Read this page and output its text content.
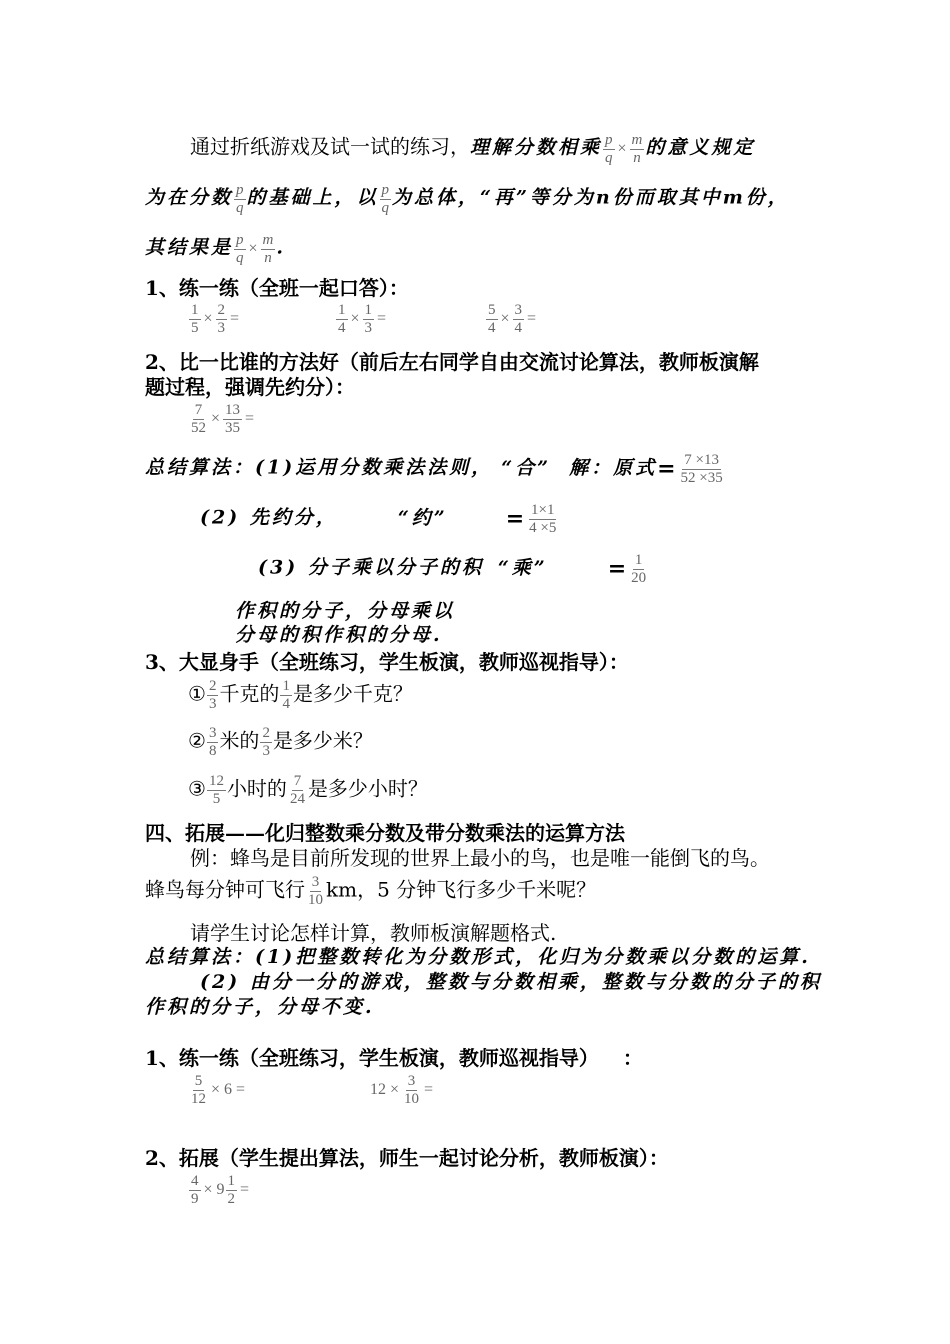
通过折纸游戏及试一试的练习，理解分数相乘 $\frac{p}{q} \times \frac{m}{n}$ 的意义规定
为在分数 $\frac{p}{q}$ 的基础上，以 $\frac{p}{q}$ 为总体，“再”等分为n份而取其中m份，
其结果是 $\frac{p}{q} \times \frac{m}{n}$ .
1、练一练（全班一起口答）：
$\frac{1}{5} \times \frac{2}{3}$ =	$\frac{1}{4} \times \frac{1}{3}$ =	$\frac{5}{4} \times \frac{3}{4}$ =
2、比一比谁的方法好（前后左右同学自由交流讨论算法，教师板演解
题过程，强调先约分）：
$\frac{7}{52} \times \frac{13}{35}$ =
总结算法：(1)运用分数乘法法则， “合” 解：原式= $\frac{7 \times 13}{52 \times 35}$
(2) 先约分，	“约”	= $\frac{1\times 1}{4 \times 5}$
(3) 分子乘以分子的积 “乘”	= $\frac{1}{20}$
作积的分子，分母乘以
分母的积作积的分母.
3、大显身手（全班练习，学生板演，教师巡视指导）：
① $\frac{2}{3}$ 千克的 $\frac{1}{4}$ 是多少千克？
② $\frac{3}{8}$ 米的 $\frac{2}{3}$ 是多少米？
③ $\frac{12}{5}$ 小时的 $\frac{7}{24}$ 是多少小时？
四、拓展——化归整数乘分数及带分数乘法的运算方法
例：蜂鸟是目前所发现的世界上最小的鸟，也是唯一能倒飞的鸟。
蜂鸟每分钟可飞行 $\frac{3}{10}$ km，5 分钟飞行多少千米呢？
请学生讨论怎样计算，教师板演解题格式.
总结算法：(1)把整数转化为分数形式，化归为分数乘以分数的运算.
(2) 由分一分的游戏，整数与分数相乘，整数与分数的分子的积
作积的分子，分母不变.
1、练一练（全班练习，学生板演，教师巡视指导） ：
$\frac{5}{12} \times 6$ =	$12 \times \frac{3}{10}$ =
2、拓展（学生提出算法，师生一起讨论分析，教师板演）：
$\frac{4}{9} \times 9 \frac{1}{2}$ =
